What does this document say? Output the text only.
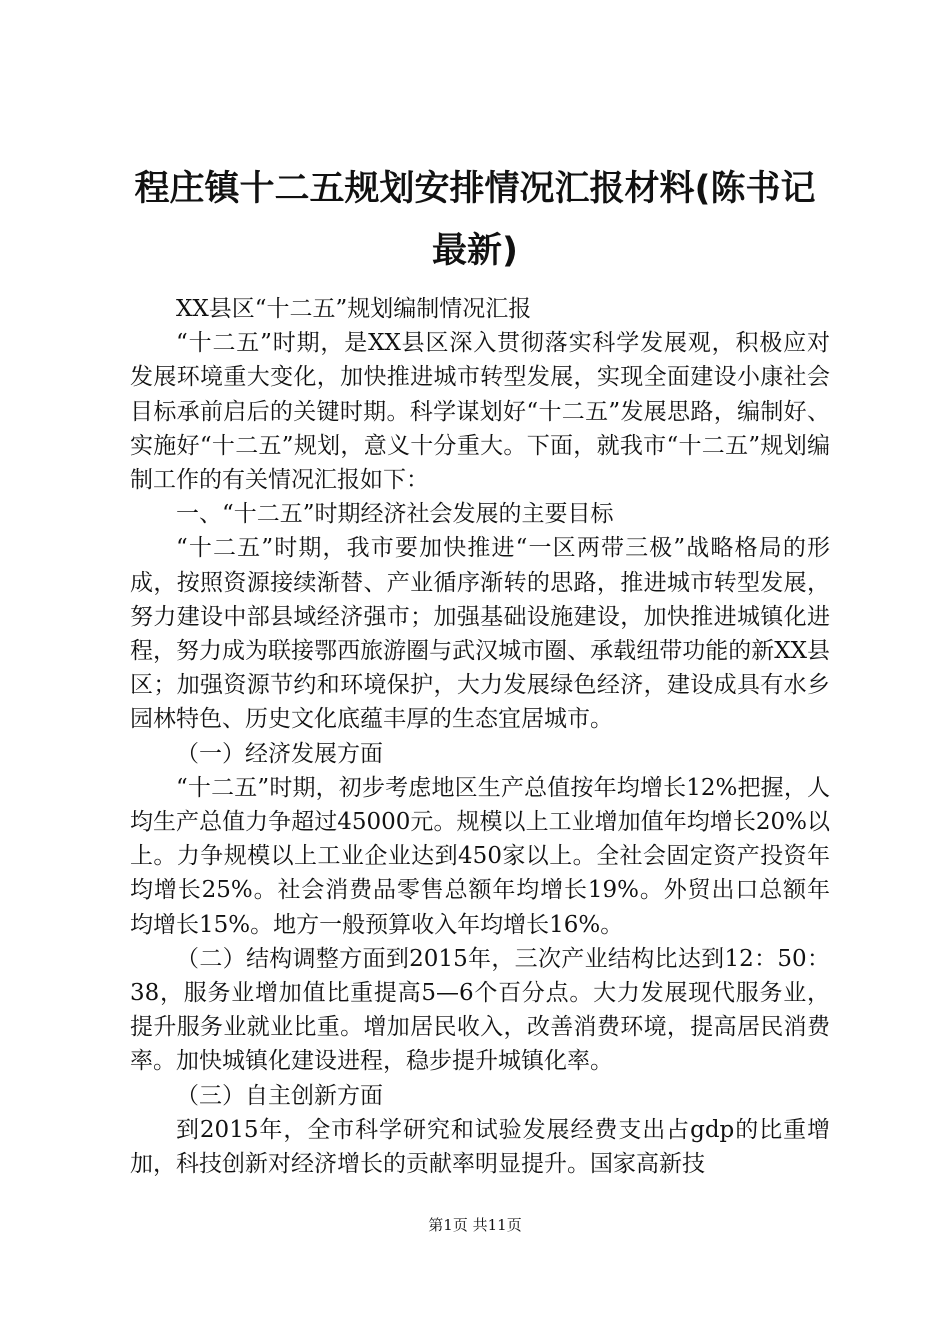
程庄镇十二五规划安排情况汇报材料(陈书记最新)

XX县区“十二五”规划编制情况汇报

“十二五”时期，是XX县区深入贯彻落实科学发展观，积极应对发展环境重大变化，加快推进城市转型发展，实现全面建设小康社会目标承前启后的关键时期。科学谋划好“十二五”发展思路，编制好、实施好“十二五”规划，意义十分重大。下面，就我市“十二五”规划编制工作的有关情况汇报如下：

一、“十二五”时期经济社会发展的主要目标

“十二五”时期，我市要加快推进“一区两带三极”战略格局的形成，按照资源接续渐替、产业循序渐转的思路，推进城市转型发展，努力建设中部县域经济强市；加强基础设施建设，加快推进城镇化进程，努力成为联接鄂西旅游圈与武汉城市圈、承载纽带功能的新XX县区；加强资源节约和环境保护，大力发展绿色经济，建设成具有水乡园林特色、历史文化底蕴丰厚的生态宜居城市。

（一）经济发展方面

“十二五”时期，初步考虑地区生产总值按年均增长12%把握，人均生产总值力争超过45000元。规模以上工业增加值年均增长20%以上。力争规模以上工业企业达到450家以上。全社会固定资产投资年均增长25%。社会消费品零售总额年均增长19%。外贸出口总额年均增长15%。地方一般预算收入年均增长16%。

（二）结构调整方面到2015年，三次产业结构比达到12：50：38，服务业增加值比重提高5—6个百分点。大力发展现代服务业，提升服务业就业比重。增加居民收入，改善消费环境，提高居民消费率。加快城镇化建设进程，稳步提升城镇化率。

（三）自主创新方面

到2015年，全市科学研究和试验发展经费支出占gdp的比重增加，科技创新对经济增长的贡献率明显提升。国家高新技

第1页 共11页
